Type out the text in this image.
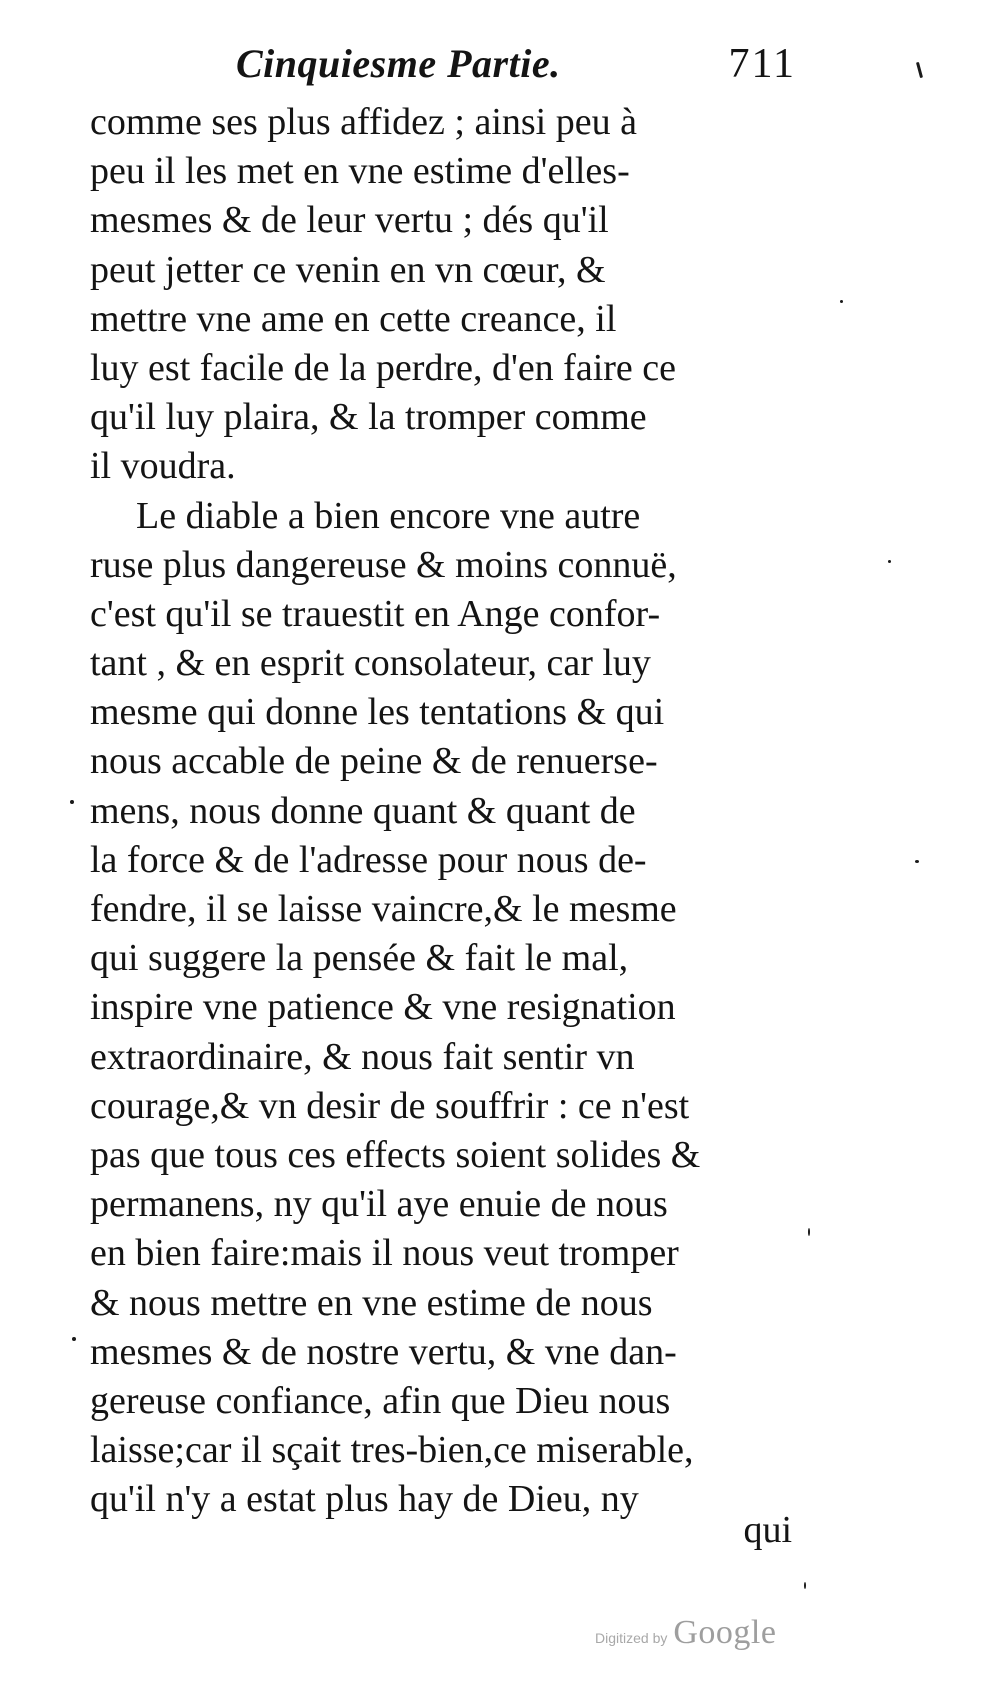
Cinquiesme Partie.	711
comme ses plus affidez ; ainsi peu à
peu il les met en vne estime d'elles-
mesmes & de leur vertu ; dés qu'il
peut jetter ce venin en vn cœur, &
mettre vne ame en cette creance, il
luy est facile de la perdre, d'en faire ce
qu'il luy plaira, & la tromper comme
il voudra.
Le diable a bien encore vne autre
ruse plus dangereuse & moins connuë,
c'est qu'il se trauestit en Ange confor-
tant , & en esprit consolateur, car luy
mesme qui donne les tentations & qui
nous accable de peine & de renuerse-
mens, nous donne quant & quant de
la force & de l'adresse pour nous de-
fendre, il se laisse vaincre,& le mesme
qui suggere la pensée & fait le mal,
inspire vne patience & vne resignation
extraordinaire, & nous fait sentir vn
courage,& vn desir de souffrir : ce n'est
pas que tous ces effects soient solides &
permanens, ny qu'il aye enuie de nous
en bien faire:mais il nous veut tromper
& nous mettre en vne estime de nous
mesmes & de nostre vertu, & vne dan-
gereuse confiance, afin que Dieu nous
laisse;car il sçait tres-bien,ce miserable,
qu'il n'y a estat plus hay de Dieu, ny
qui
Digitized by Google
